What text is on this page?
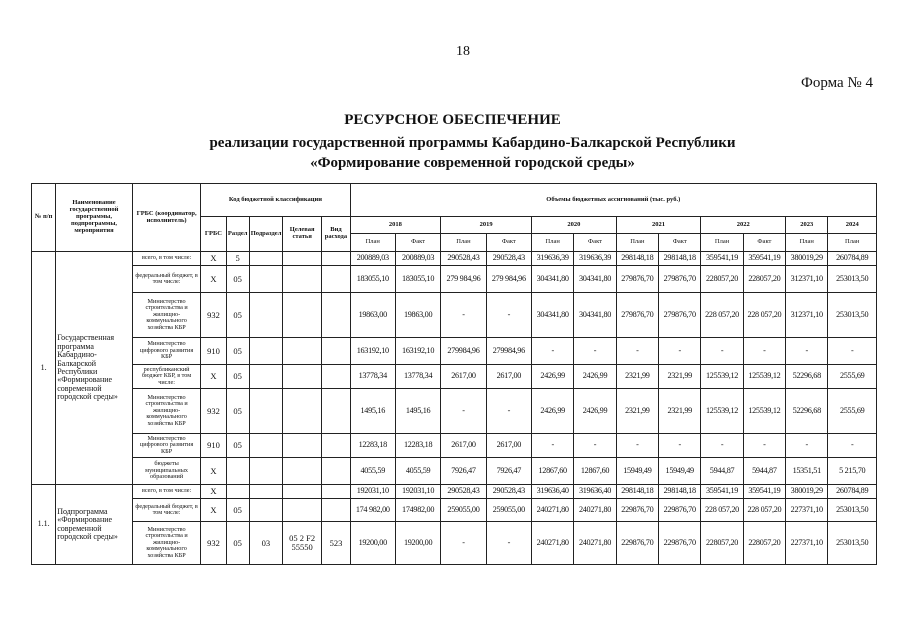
18
Форма № 4
РЕСУРСНОЕ ОБЕСПЕЧЕНИЕ
реализации государственной программы Кабардино-Балкарской Республики
«Формирование современной городской среды»
№ п/п	Наименование государственной программы, подпрограммы, мероприятия	ГРБС (координатор, исполнитель)	Код бюджетной классификации					Объемы бюджетных ассигнований (тыс. руб.)											
			ГРБС	Раздел	Подраздел	Целевая статья	Вид расхода	2018		2019		2020		2021		2022		2023	2024
								План	Факт	План	Факт	План	Факт	План	Факт	План	Факт	План	План
1.	Государственная программа Кабардино-Балкарской Республики «Формирование современной городской среды»	всего, в том числе:	X	5				200889,03	200889,03	290528,43	290528,43	319636,39	319636,39	298148,18	298148,18	359541,19	359541,19	380019,29	260784,89
		федеральный бюджет, в том числе:	X	05				183055,10	183055,10	279 984,96	279 984,96	304341,80	304341,80	279876,70	279876,70	228057,20	228057,20	312371,10	253013,50
		Министерство строительства и жилищно-коммунального хозяйства КБР	932	05				19863,00	19863,00	-	-	304341,80	304341,80	279876,70	279876,70	228 057,20	228 057,20	312371,10	253013,50
		Министерство цифрового развития КБР	910	05				163192,10	163192,10	279984,96	279984,96	-	-	-	-	-	-	-	-
		республиканский бюджет КБР, в том числе:	X	05				13778,34	13778,34	2617,00	2617,00	2426,99	2426,99	2321,99	2321,99	125539,12	125539,12	52296,68	2555,69
		Министерство строительства и жилищно-коммунального хозяйства КБР	932	05				1495,16	1495,16	-	-	2426,99	2426,99	2321,99	2321,99	125539,12	125539,12	52296,68	2555,69
		Министерство цифрового развития КБР	910	05				12283,18	12283,18	2617,00	2617,00	-	-	-	-	-	-	-	-
		бюджеты муниципальных образований	X					4055,59	4055,59	7926,47	7926,47	12867,60	12867,60	15949,49	15949,49	5944,87	5944,87	15351,51	5 215,70
1.1.	Подпрограмма «Формирование современной городской среды»	всего, в том числе:	X					192031,10	192031,10	290528,43	290528,43	319636,40	319636,40	298148,18	298148,18	359541,19	359541,19	380019,29	260784,89
		федеральный бюджет, в том числе:	X	05				174 982,00	174982,00	259055,00	259055,00	240271,80	240271,80	229876,70	229876,70	228 057,20	228 057,20	227371,10	253013,50
		Министерство строительства и жилищно-коммунального хозяйства КБР	932	05	03	05 2 F2 55550	523	19200,00	19200,00	-	-	240271,80	240271,80	229876,70	229876,70	228057,20	228057,20	227371,10	253013,50
